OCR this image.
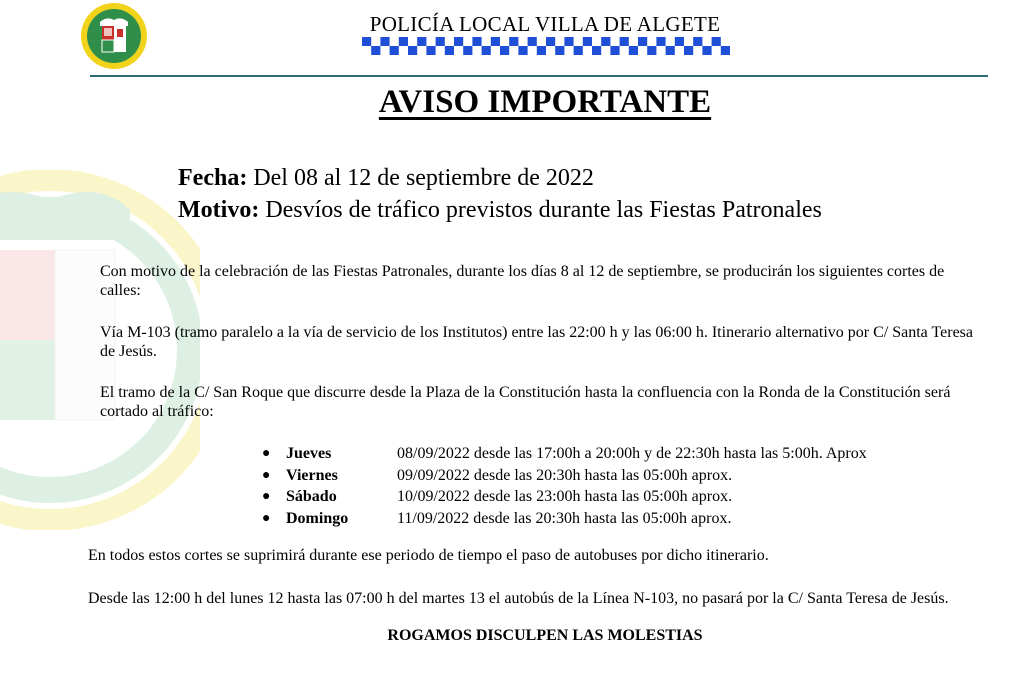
POLICÍA LOCAL VILLA DE ALGETE
AVISO IMPORTANTE
Fecha: Del 08 al 12 de septiembre de 2022
Motivo: Desvíos de tráfico previstos durante las Fiestas Patronales
Con motivo de la celebración de las Fiestas Patronales, durante los días 8 al 12 de septiembre, se producirán los siguientes cortes de calles:
Vía M-103 (tramo paralelo a la vía de servicio de los Institutos) entre las 22:00 h y las 06:00 h. Itinerario alternativo por C/ Santa Teresa de Jesús.
El tramo de la C/ San Roque que discurre desde la Plaza de la Constitución hasta la confluencia con la Ronda de la Constitución será cortado al tráfico:
● Jueves	08/09/2022 desde las 17:00h a 20:00h y de 22:30h hasta las 5:00h. Aprox
● Viernes	09/09/2022 desde las 20:30h hasta las 05:00h aprox.
● Sábado	10/09/2022 desde las 23:00h hasta las 05:00h aprox.
● Domingo	11/09/2022 desde las 20:30h hasta las 05:00h aprox.
En todos estos cortes se suprimirá durante ese periodo de tiempo el paso de autobuses por dicho itinerario.
Desde las 12:00 h del lunes 12 hasta las 07:00 h del martes 13 el autobús de la Línea N-103, no pasará por la C/ Santa Teresa de Jesús.
ROGAMOS DISCULPEN LAS MOLESTIAS
